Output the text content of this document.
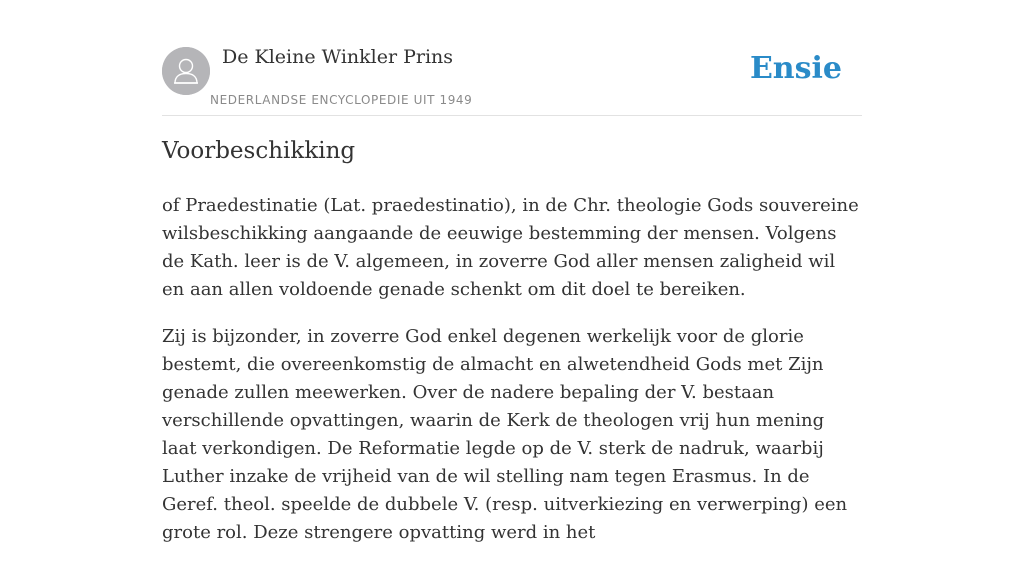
De Kleine Winkler Prins
NEDERLANDSE ENCYCLOPEDIE UIT 1949
Ensie
Voorbeschikking

of Praedestinatie (Lat. praedestinatio), in de Chr. theologie Gods souvereine wilsbeschikking aangaande de eeuwige bestemming der mensen. Volgens de Kath. leer is de V. algemeen, in zoverre God aller mensen zaligheid wil en aan allen voldoende genade schenkt om dit doel te bereiken.

Zij is bijzonder, in zoverre God enkel degenen werkelijk voor de glorie bestemt, die overeenkomstig de almacht en alwetendheid Gods met Zijn genade zullen meewerken. Over de nadere bepaling der V. bestaan verschillende opvattingen, waarin de Kerk de theologen vrij hun mening laat verkondigen. De Reformatie legde op de V. sterk de nadruk, waarbij Luther inzake de vrijheid van de wil stelling nam tegen Erasmus. In de Geref. theol. speelde de dubbele V. (resp. uitverkiezing en verwerping) een grote rol. Deze strengere opvatting werd in het
